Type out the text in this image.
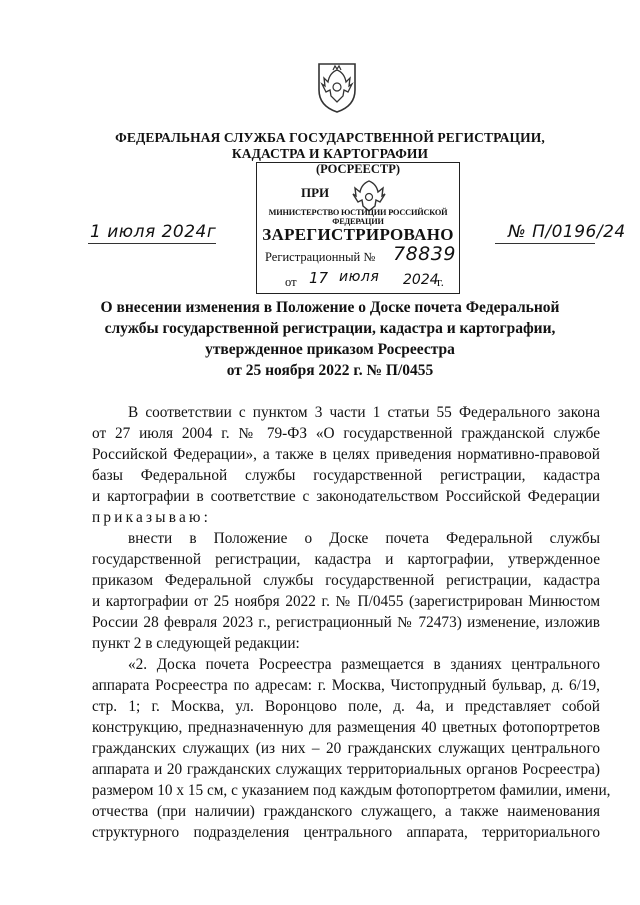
ФЕДЕРАЛЬНАЯ СЛУЖБА ГОСУДАРСТВЕННОЙ РЕГИСТРАЦИИ,
КАДАСТРА И КАРТОГРАФИИ
(РОСРЕЕСТР)
ПРИ
МИНИСТЕРСТВО ЮСТИЦИИ РОССИЙСКОЙ ФЕДЕРАЦИИ
ЗАРЕГИСТРИРОВАНО
Регистрационный № 78839
от 17 июля 2024
г.
1 июля 2024г	№ П/0196/24
О внесении изменения в Положение о Доске почета Федеральной
службы государственной регистрации, кадастра и картографии,
утвержденное приказом Росреестра
от 25 ноября 2022 г. № П/0455
В соответствии с пунктом 3 части 1 статьи 55 Федерального закона
от 27 июля 2004 г. № 79-ФЗ «О государственной гражданской службе
Российской Федерации», а также в целях приведения нормативно-правовой
базы Федеральной службы государственной регистрации, кадастра
и картографии в соответствие с законодательством Российской Федерации
приказываю:
внести в Положение о Доске почета Федеральной службы
государственной регистрации, кадастра и картографии, утвержденное
приказом Федеральной службы государственной регистрации, кадастра
и картографии от 25 ноября 2022 г. № П/0455 (зарегистрирован Минюстом
России 28 февраля 2023 г., регистрационный № 72473) изменение, изложив
пункт 2 в следующей редакции:
«2. Доска почета Росреестра размещается в зданиях центрального
аппарата Росреестра по адресам: г. Москва, Чистопрудный бульвар, д. 6/19,
стр. 1; г. Москва, ул. Воронцово поле, д. 4а, и представляет собой
конструкцию, предназначенную для размещения 40 цветных фотопортретов
гражданских служащих (из них – 20 гражданских служащих центрального
аппарата и 20 гражданских служащих территориальных органов Росреестра)
размером 10 x 15 см, с указанием под каждым фотопортретом фамилии, имени,
отчества (при наличии) гражданского служащего, а также наименования
структурного подразделения центрального аппарата, территориального
